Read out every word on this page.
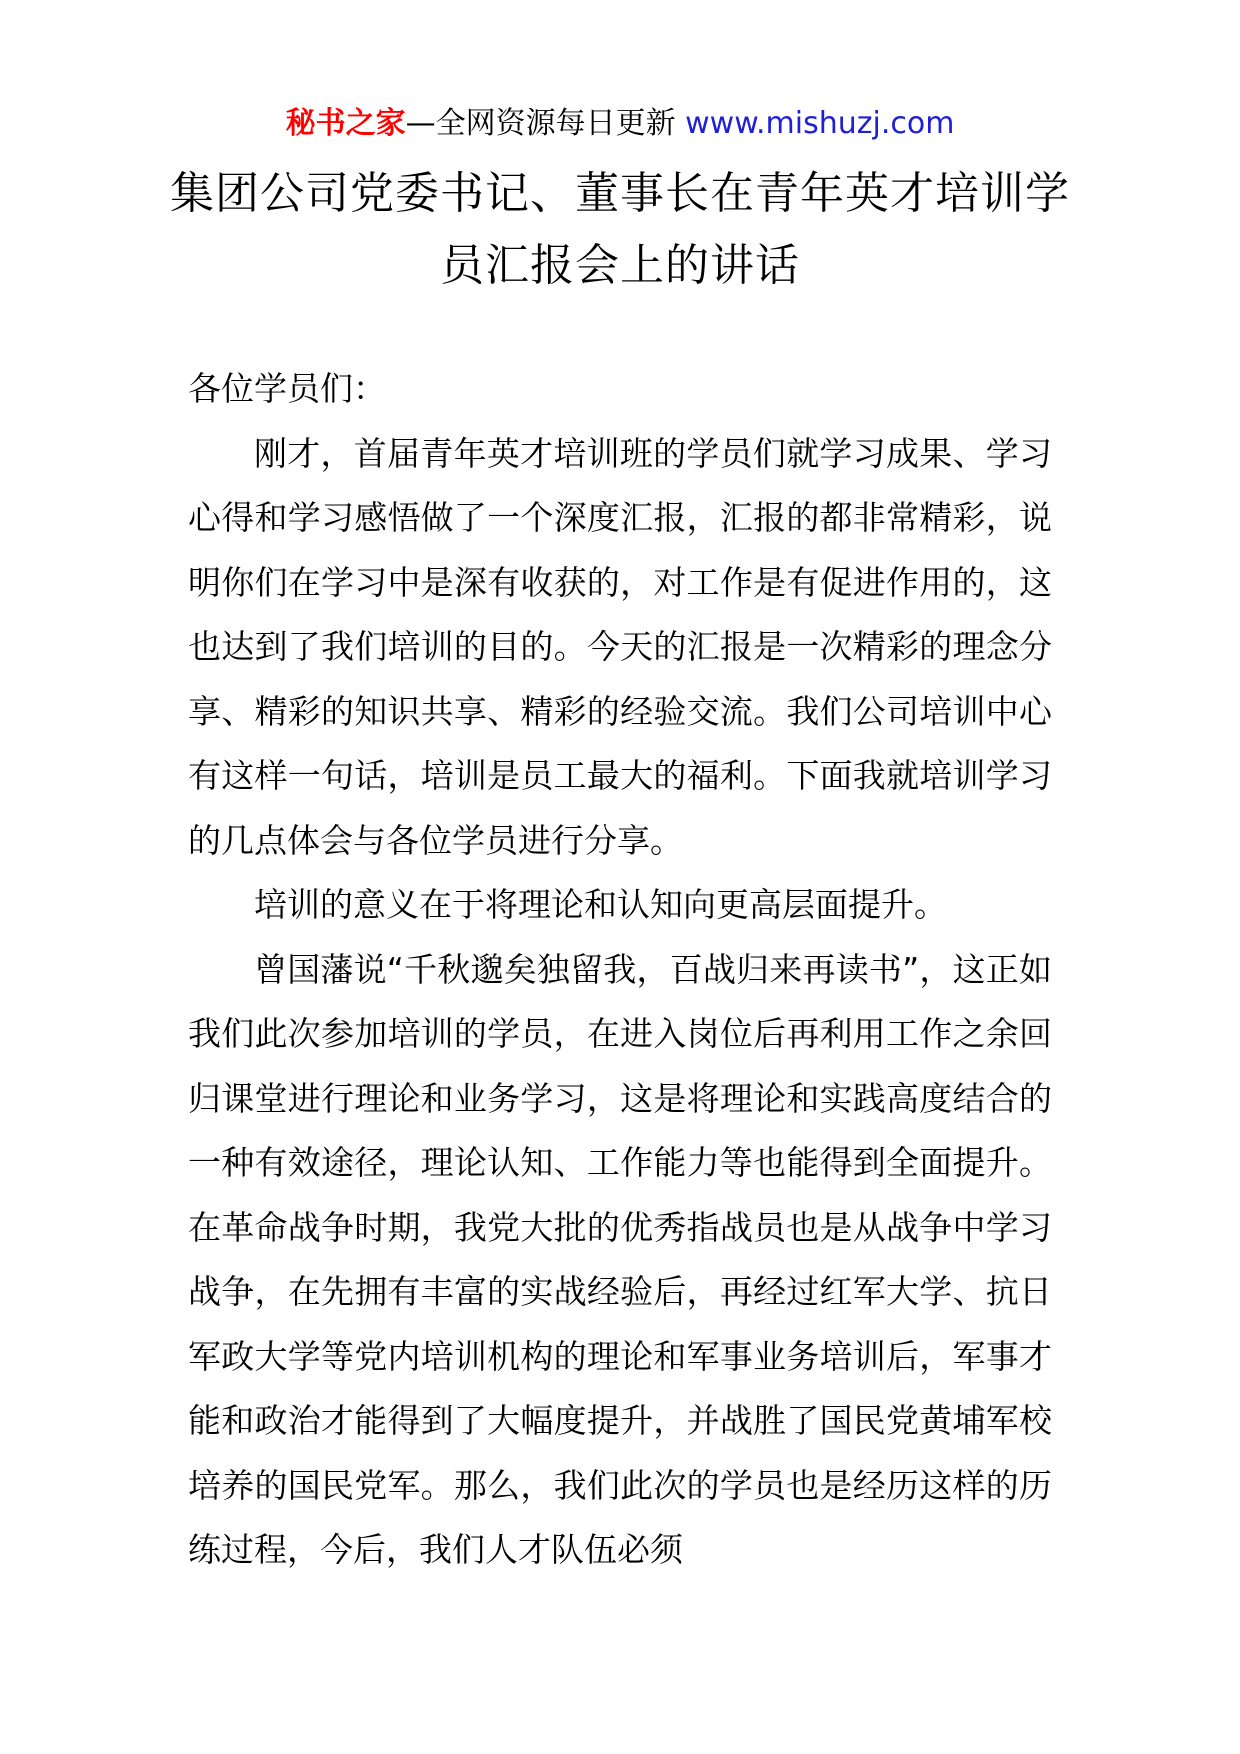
秘书之家—全网资源每日更新 www.mishuzj.com
集团公司党委书记、董事长在青年英才培训学员汇报会上的讲话

各位学员们：

刚才，首届青年英才培训班的学员们就学习成果、学习心得和学习感悟做了一个深度汇报，汇报的都非常精彩，说明你们在学习中是深有收获的，对工作是有促进作用的，这也达到了我们培训的目的。今天的汇报是一次精彩的理念分享、精彩的知识共享、精彩的经验交流。我们公司培训中心有这样一句话，培训是员工最大的福利。下面我就培训学习的几点体会与各位学员进行分享。

培训的意义在于将理论和认知向更高层面提升。

曾国藩说“千秋邈矣独留我，百战归来再读书”，这正如我们此次参加培训的学员，在进入岗位后再利用工作之余回归课堂进行理论和业务学习，这是将理论和实践高度结合的一种有效途径，理论认知、工作能力等也能得到全面提升。在革命战争时期，我党大批的优秀指战员也是从战争中学习战争，在先拥有丰富的实战经验后，再经过红军大学、抗日军政大学等党内培训机构的理论和军事业务培训后，军事才能和政治才能得到了大幅度提升，并战胜了国民党黄埔军校培养的国民党军。那么，我们此次的学员也是经历这样的历练过程，今后，我们人才队伍必须
